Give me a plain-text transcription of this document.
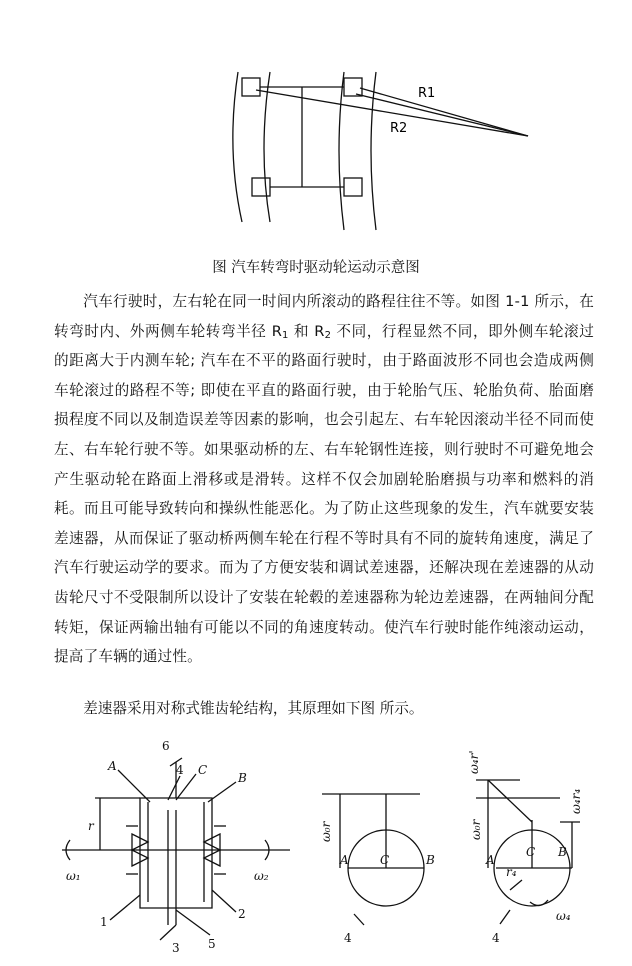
R1
R2
图 汽车转弯时驱动轮运动示意图
汽车行驶时，左右轮在同一时间内所滚动的路程往往不等。如图 1-1 所示，在转弯时内、外两侧车轮转弯半径 $R_1$ 和 $R_2$ 不同，行程显然不同，即外侧车轮滚过的距离大于内测车轮; 汽车在不平的路面行驶时，由于路面波形不同也会造成两侧车轮滚过的路程不等; 即使在平直的路面行驶，由于轮胎气压、轮胎负荷、胎面磨损程度不同以及制造误差等因素的影响，也会引起左、右车轮因滚动半径不同而使左、右车轮行驶不等。如果驱动桥的左、右车轮钢性连接，则行驶时不可避免地会产生驱动轮在路面上滑移或是滑转。这样不仅会加剧轮胎磨损与功率和燃料的消耗。而且可能导致转向和操纵性能恶化。为了防止这些现象的发生，汽车就要安装差速器，从而保证了驱动桥两侧车轮在行程不等时具有不同的旋转角速度，满足了汽车行驶运动学的要求。而为了方便安装和调试差速器，还解决现在差速器的从动齿轮尺寸不受限制所以设计了安装在轮毂的差速器称为轮边差速器，在两轴间分配转矩，保证两输出轴有可能以不同的角速度转动。使汽车行驶时能作纯滚动运动，提高了车辆的通过性。
差速器采用对称式锥齿轮结构，其原理如下图 所示。
A	4 C
B
6
r
ω₁	ω₂
1
2
3 5
ω₀r
A	C	B
4
ω₄r'
ω₀r
ω₄r₄
A
C B
r₄
ω₄
4
